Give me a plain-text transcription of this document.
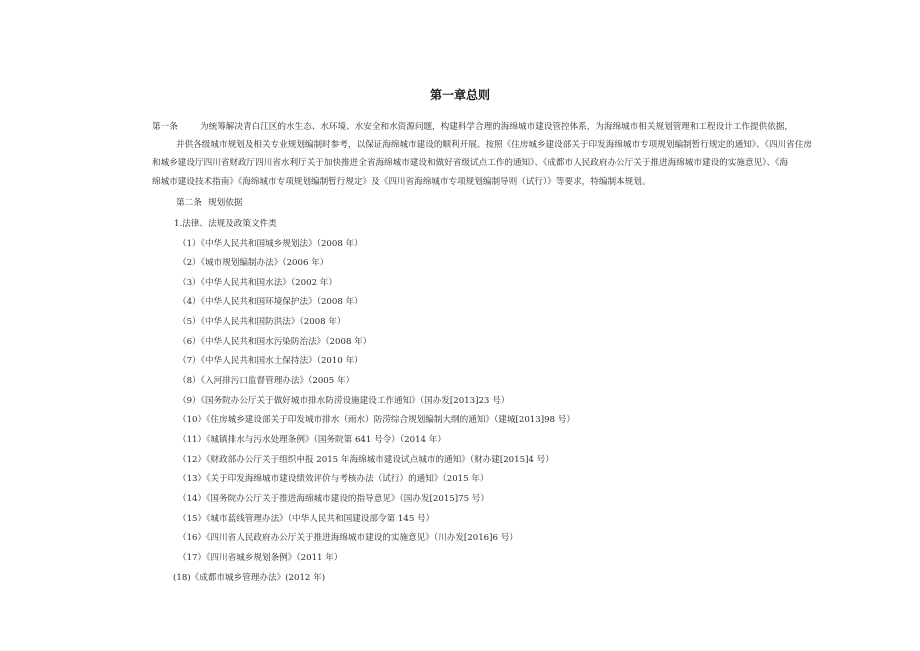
第一章总则
第一条	为统筹解决青白江区的水生态、水环境、水安全和水资源问题，构建科学合理的海绵城市建设管控体系，为海绵城市相关规划管理和工程设计工作提供依据，
并供各级城市规划及相关专业规划编制时参考，以保证海绵城市建设的顺利开展。按照《住房城乡建设部关于印发海绵城市专项规划编制暂行规定的通知》、《四川省住房
和城乡建设厅四川省财政厅四川省水利厅关于加快推进全省海绵城市建设和做好省级试点工作的通知》、《成都市人民政府办公厅关于推进海绵城市建设的实施意见》、《海
绵城市建设技术指南》《海绵城市专项规划编制暂行规定》及《四川省海绵城市专项规划编制导则（试行）》等要求，特编制本规划。
第二条 规划依据
1.法律、法规及政策文件类
（1）《中华人民共和国城乡规划法》（2008 年）
（2）《城市规划编制办法》（2006 年）
（3）《中华人民共和国水法》（2002 年）
（4）《中华人民共和国环境保护法》（2008 年）
（5）《中华人民共和国防洪法》（2008 年）
（6）《中华人民共和国水污染防治法》（2008 年）
（7）《中华人民共和国水土保持法》（2010 年）
（8）《入河排污口监督管理办法》（2005 年）
（9）《国务院办公厅关于做好城市排水防涝设施建设工作通知》（国办发[2013]23 号）
（10）《住房城乡建设部关于印发城市排水（雨水）防涝综合规划编制大纲的通知》（建城[2013]98 号）
（11）《城镇排水与污水处理条例》（国务院第 641 号令）（2014 年）
（12）《财政部办公厅关于组织申报 2015 年海绵城市建设试点城市的通知》（财办建[2015]4 号）
（13）《关于印发海绵城市建设绩效评价与考核办法（试行）的通知》（2015 年）
（14）《国务院办公厅关于推进海绵城市建设的指导意见》（国办发[2015]75 号）
（15）《城市蓝线管理办法》（中华人民共和国建设部令第 145 号）
（16）《四川省人民政府办公厅关于推进海绵城市建设的实施意见》（川办发[2016]6 号）
（17）《四川省城乡规划条例》（2011 年）
(18)《成都市城乡管理办法》(2012 年)
